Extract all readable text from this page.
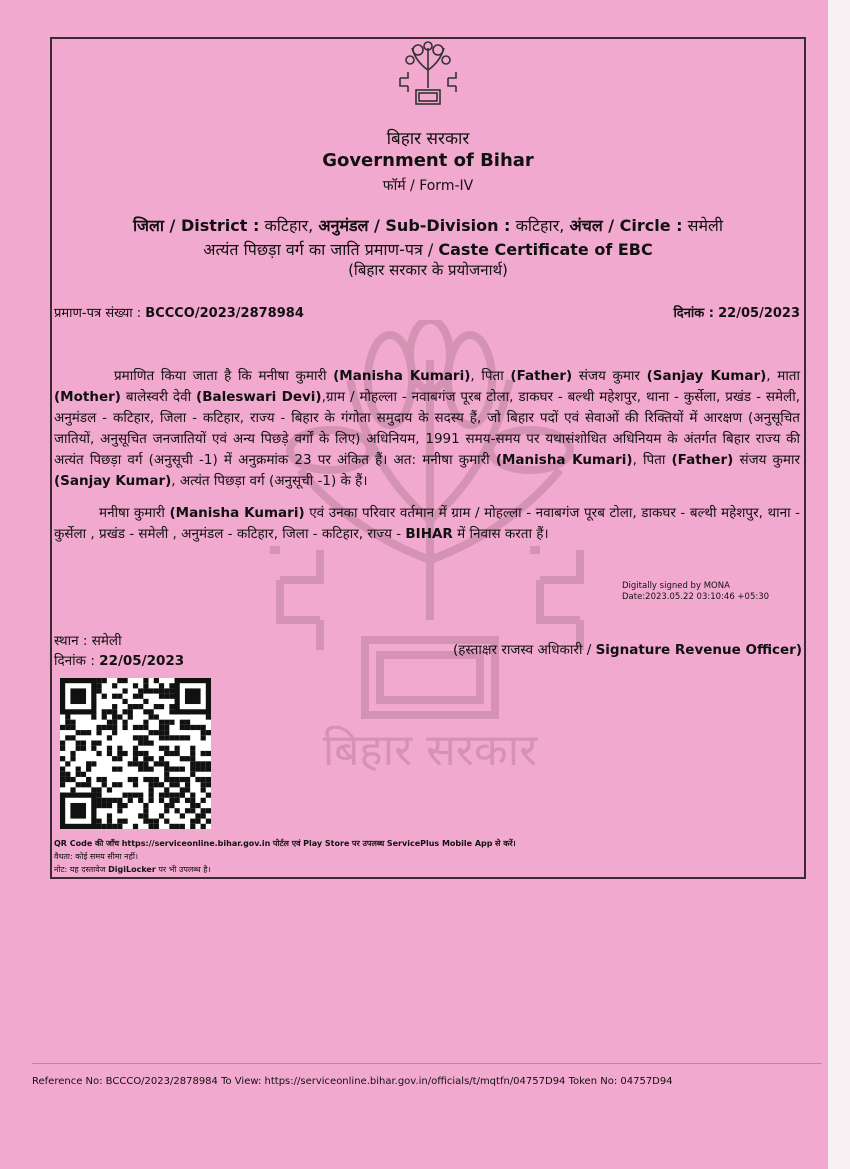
बिहार सरकार
बिहार सरकार
Government of Bihar
फॉर्म / Form-IV
जिला / District : कटिहार, अनुमंडल / Sub-Division : कटिहार, अंचल / Circle : समेली
अत्यंत पिछड़ा वर्ग का जाति प्रमाण-पत्र / Caste Certificate of EBC
(बिहार सरकार के प्रयोजनार्थ)
प्रमाण-पत्र संख्या : BCCCO/2023/2878984	दिनांक : 22/05/2023
प्रमाणित किया जाता है कि मनीषा कुमारी (Manisha Kumari), पिता (Father) संजय कुमार (Sanjay Kumar), माता (Mother) बालेस्वरी देवी (Baleswari Devi),ग्राम / मोहल्ला - नवाबगंज पूरब टोला, डाकघर - बल्थी महेशपुर, थाना - कुर्सेला, प्रखंड - समेली, अनुमंडल - कटिहार, जिला - कटिहार, राज्य - बिहार के गंगोता समुदाय के सदस्य हैं, जो बिहार पदों एवं सेवाओं की रिक्तियों में आरक्षण (अनुसूचित जातियों, अनुसूचित जनजातियों एवं अन्य पिछड़े वर्गों के लिए) अधिनियम, 1991 समय-समय पर यथासंशोधित अधिनियम के अंतर्गत बिहार राज्य की अत्यंत पिछड़ा वर्ग (अनुसूची -1) में अनुक्रमांक 23 पर अंकित हैं। अत: मनीषा कुमारी (Manisha Kumari), पिता (Father) संजय कुमार (Sanjay Kumar), अत्यंत पिछड़ा वर्ग (अनुसूची -1) के हैं।
मनीषा कुमारी (Manisha Kumari) एवं उनका परिवार वर्तमान में ग्राम / मोहल्ला - नवाबगंज पूरब टोला, डाकघर - बल्थी महेशपुर, थाना - कुर्सेला , प्रखंड - समेली , अनुमंडल - कटिहार, जिला - कटिहार, राज्य - BIHAR में निवास करता हैं।
Digitally signed by MONA
Date:2023.05.22 03:10:46 +05:30
स्थान : समेली
दिनांक : 22/05/2023
(हस्ताक्षर राजस्व अधिकारी / Signature Revenue Officer)
QR Code की जाँच https://serviceonline.bihar.gov.in पोर्टल एवं Play Store पर उपलब्ध ServicePlus Mobile App से करें।
वैधता: कोई समय सीमा नहीं।
नोट: यह दस्तावेज DigiLocker पर भी उपलब्ध है।
Reference No: BCCCO/2023/2878984 To View: https://serviceonline.bihar.gov.in/officials/t/mqtfn/04757D94 Token No: 04757D94
